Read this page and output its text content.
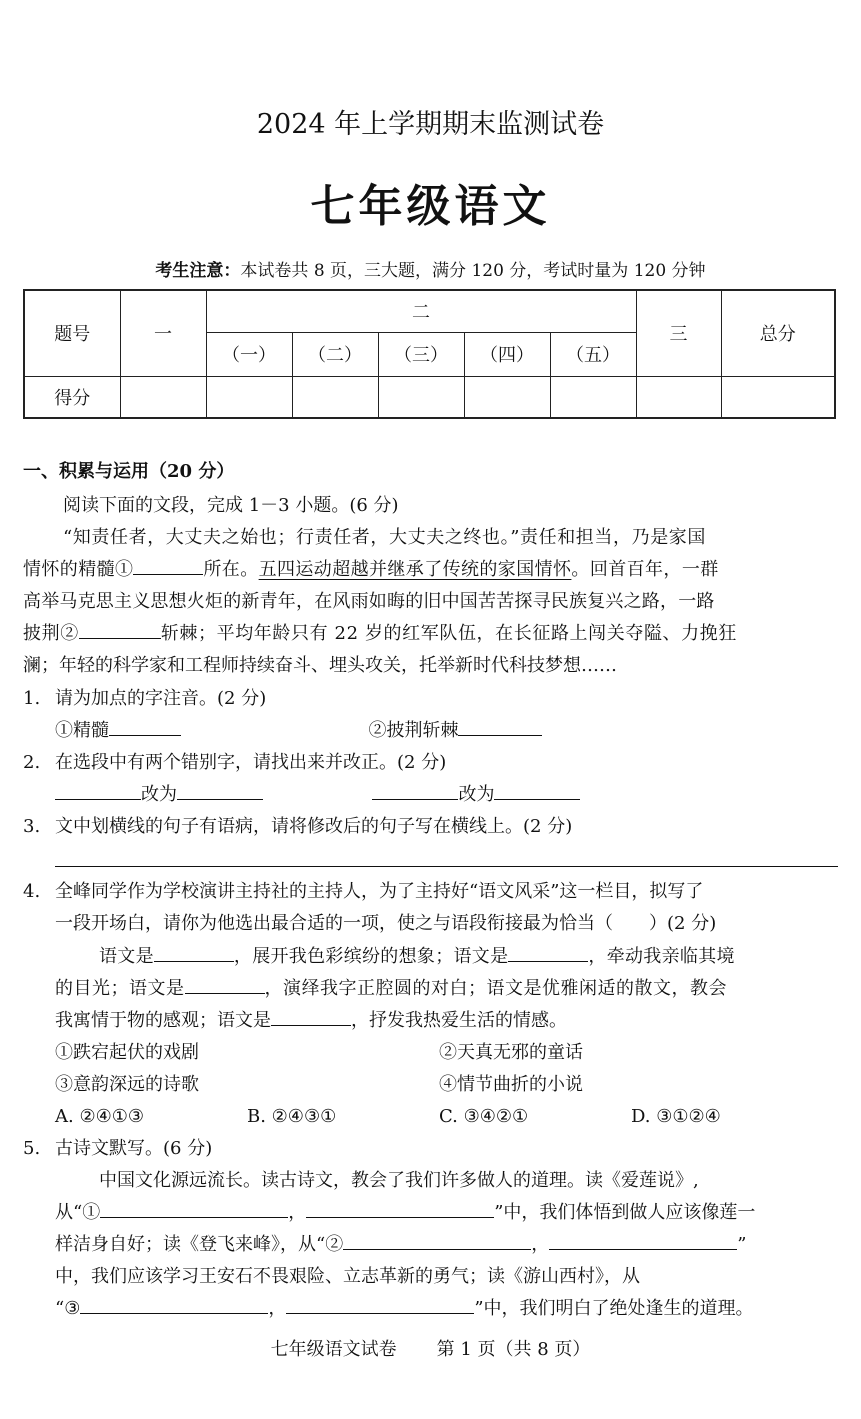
2024 年上学期期末监测试卷
七年级语文
考生注意：本试卷共 8 页，三大题，满分 120 分，考试时量为 120 分钟
题号	一	二					三	总分
		（一）	（二）	（三）	（四）	（五）		
得分								
一、积累与运用（20 分）
阅读下面的文段，完成 1－3 小题。(6 分)
“知责任者，大丈夫之始也；行责任者，大丈夫之终也。”责任和担当，乃是家国
情怀的精髓①	所在。五四运动超越并继承了传统的家国情怀。回首百年，一群
高举马克思主义思想火炬的新青年，在风雨如晦的旧中国苦苦探寻民族复兴之路，一路
披荆②	斩棘；平均年龄只有 22 岁的红军队伍，在长征路上闯关夺隘、力挽狂
澜；年轻的科学家和工程师持续奋斗、埋头攻关，托举新时代科技梦想……
1. 请为加点的字注音。(2 分)
①精髓	②披荆斩棘
2. 在选段中有两个错别字，请找出来并改正。(2 分)
改为	改为
3. 文中划横线的句子有语病，请将修改后的句子写在横线上。(2 分)
4. 全峰同学作为学校演讲主持社的主持人，为了主持好“语文风采”这一栏目，拟写了
一段开场白，请你为他选出最合适的一项，使之与语段衔接最为恰当（　　）(2 分)
语文是	，展开我色彩缤纷的想象；语文是	，牵动我亲临其境
的目光；语文是	，演绎我字正腔圆的对白；语文是优雅闲适的散文，教会
我寓情于物的感观；语文是	，抒发我热爱生活的情感。
①跌宕起伏的戏剧	②天真无邪的童话
③意韵深远的诗歌	④情节曲折的小说
A. ②④①③	B. ②④③①	C. ③④②①	D. ③①②④
5. 古诗文默写。(6 分)
中国文化源远流长。读古诗文，教会了我们许多做人的道理。读《爱莲说》,
从“①	，	”中，我们体悟到做人应该像莲一
样洁身自好；读《登飞来峰》，从“②	，	”
中，我们应该学习王安石不畏艰险、立志革新的勇气；读《游山西村》，从
“③	，	”中，我们明白了绝处逢生的道理。
七年级语文试卷 第 1 页（共 8 页）
